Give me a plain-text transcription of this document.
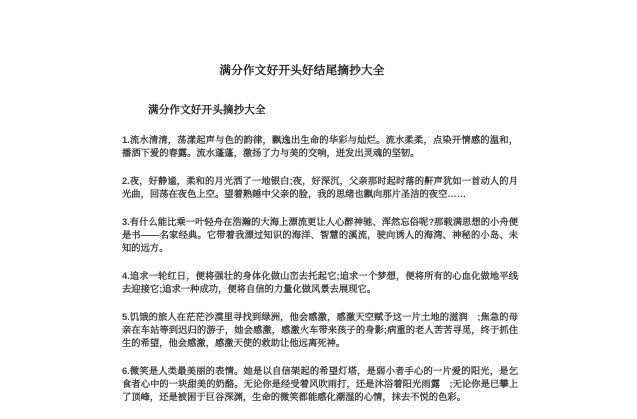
满分作文好开头好结尾摘抄大全
满分作文好开头摘抄大全

1.流水清清，荡漾起声与色的韵律，飘逸出生命的华彩与灿烂。流水柔柔，点染开情感的温和，播洒下爱的春露。流水蓬蓬，激扬了力与美的交响，迸发出灵魂的坚韧。

2.夜，好静谧，柔和的月光洒了一地银白;夜，好深沉，父亲那时起时落的鼾声犹如一首动人的月光曲，回荡在夜色上空。望着熟睡中父亲的脸，我的思绪也飘向那片圣洁的夜空……

3.有什么能比乘一叶轻舟在浩瀚的大海上漂流更让人心醉神驰、浑然忘俗呢?那载满思想的小舟便是书——名家经典。它带着我漂过知识的海洋、智慧的溪流，驶向诱人的海湾、神秘的小岛、未知的远方。

4.追求一轮红日，便将强壮的身体化做山峦去托起它;追求一个梦想，便将所有的心血化做地平线去迎接它;追求一种成功，便将自信的力量化做风景去展现它。

5.饥饿的旅人在茫茫沙漠里寻找到绿洲，他会感激，感激天空赋予这一片土地的滋润　;焦急的母亲在车站等到迟归的游子，她会感激，感激火车带来孩子的身影;病重的老人苦苦寻觅，终于抓住生的希望，他会感激，感激天使的救助让他远离死神。

6.微笑是人类最美丽的表情。她是以自信架起的希望灯塔，是弱小者手心的一片爱的阳光，是乞食者心中的一块甜美的奶酪。无论你是经受着风吹雨打，还是沐浴着阳光雨露　;无论你是已攀上了顶峰，还是被困于巨谷深渊，生命的微笑都能感化潮湿的心情，抹去不悦的色彩。
